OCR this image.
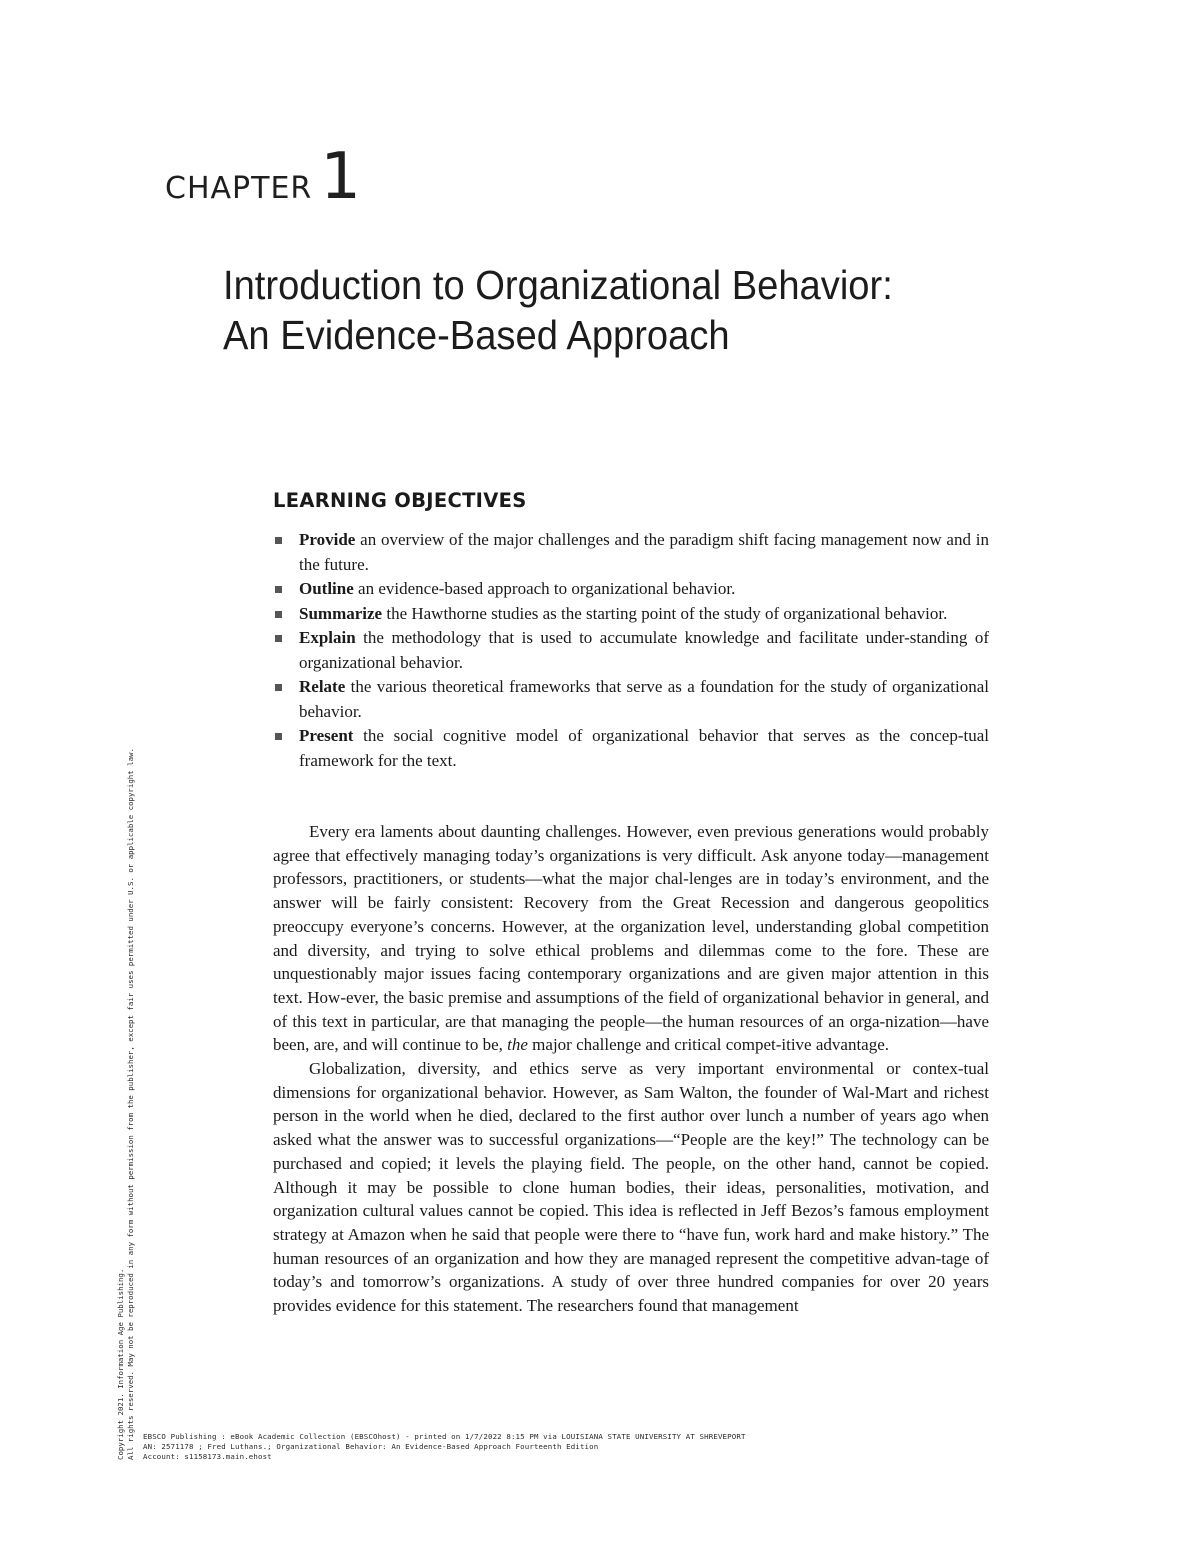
CHAPTER 1
Introduction to Organizational Behavior:
An Evidence-Based Approach
LEARNING OBJECTIVES
Provide an overview of the major challenges and the paradigm shift facing management now and in the future.
Outline an evidence-based approach to organizational behavior.
Summarize the Hawthorne studies as the starting point of the study of organizational behavior.
Explain the methodology that is used to accumulate knowledge and facilitate under-standing of organizational behavior.
Relate the various theoretical frameworks that serve as a foundation for the study of organizational behavior.
Present the social cognitive model of organizational behavior that serves as the concep-tual framework for the text.

Every era laments about daunting challenges. However, even previous generations would probably agree that effectively managing today’s organizations is very difficult. Ask anyone today—management professors, practitioners, or students—what the major chal-lenges are in today’s environment, and the answer will be fairly consistent: Recovery from the Great Recession and dangerous geopolitics preoccupy everyone’s concerns. However, at the organization level, understanding global competition and diversity, and trying to solve ethical problems and dilemmas come to the fore. These are unquestionably major issues facing contemporary organizations and are given major attention in this text. How-ever, the basic premise and assumptions of the field of organizational behavior in general, and of this text in particular, are that managing the people—the human resources of an orga-nization—have been, are, and will continue to be, the major challenge and critical compet-itive advantage.

Globalization, diversity, and ethics serve as very important environmental or contex-tual dimensions for organizational behavior. However, as Sam Walton, the founder of Wal-Mart and richest person in the world when he died, declared to the first author over lunch a number of years ago when asked what the answer was to successful organizations—“People are the key!” The technology can be purchased and copied; it levels the playing field. The people, on the other hand, cannot be copied. Although it may be possible to clone human bodies, their ideas, personalities, motivation, and organization cultural values cannot be copied. This idea is reflected in Jeff Bezos’s famous employment strategy at Amazon when he said that people were there to “have fun, work hard and make history.” The human resources of an organization and how they are managed represent the competitive advan-tage of today’s and tomorrow’s organizations. A study of over three hundred companies for over 20 years provides evidence for this statement. The researchers found that management

EBSCO Publishing : eBook Academic Collection (EBSCOhost) - printed on 1/7/2022 8:15 PM via LOUISIANA STATE UNIVERSITY AT SHREVEPORT
AN: 2571178 ; Fred Luthans.; Organizational Behavior: An Evidence-Based Approach Fourteenth Edition
Account: s1158173.main.ehost
Copyright 2021. Information Age Publishing. All rights reserved. May not be reproduced in any form without permission from the publisher, except fair uses permitted under U.S. or applicable copyright law.
